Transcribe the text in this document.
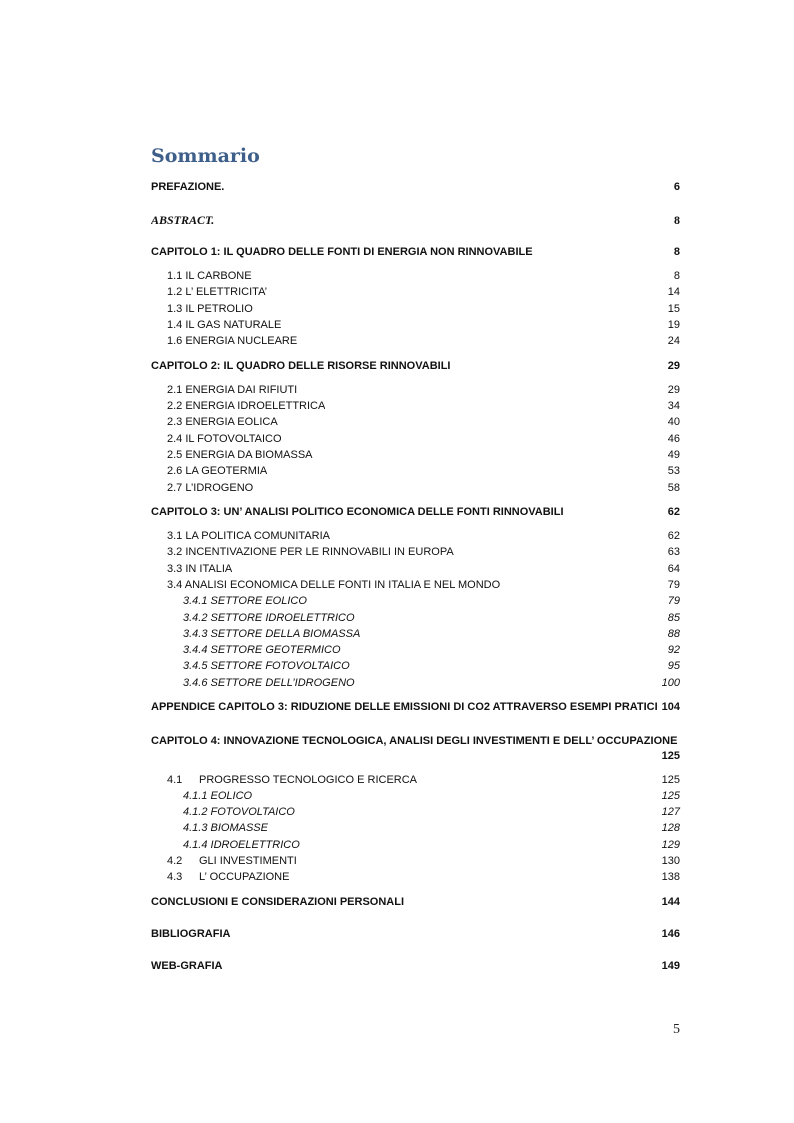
Sommario
PREFAZIONE.	6
ABSTRACT.	8
CAPITOLO 1: IL QUADRO DELLE FONTI DI ENERGIA NON RINNOVABILE	8
1.1 IL CARBONE	8
1.2 L’ ELETTRICITA’	14
1.3 IL PETROLIO	15
1.4 IL GAS NATURALE	19
1.6 ENERGIA NUCLEARE	24
CAPITOLO 2: IL QUADRO DELLE RISORSE RINNOVABILI	29
2.1 ENERGIA DAI RIFIUTI	29
2.2 ENERGIA IDROELETTRICA	34
2.3 ENERGIA EOLICA	40
2.4 IL FOTOVOLTAICO	46
2.5 ENERGIA DA BIOMASSA	49
2.6 LA GEOTERMIA	53
2.7 L’IDROGENO	58
CAPITOLO 3: UN’ ANALISI POLITICO ECONOMICA DELLE FONTI RINNOVABILI	62
3.1 LA POLITICA COMUNITARIA	62
3.2 INCENTIVAZIONE PER LE RINNOVABILI IN EUROPA	63
3.3 IN ITALIA	64
3.4 ANALISI ECONOMICA DELLE FONTI IN ITALIA E NEL MONDO	79
3.4.1 SETTORE EOLICO	79
3.4.2 SETTORE IDROELETTRICO	85
3.4.3 SETTORE DELLA BIOMASSA	88
3.4.4 SETTORE GEOTERMICO	92
3.4.5 SETTORE FOTOVOLTAICO	95
3.4.6 SETTORE DELL’IDROGENO	100
APPENDICE CAPITOLO 3: RIDUZIONE DELLE EMISSIONI DI CO2 ATTRAVERSO ESEMPI PRATICI 104
CAPITOLO 4: INNOVAZIONE TECNOLOGICA, ANALISI DEGLI INVESTIMENTI E DELL’ OCCUPAZIONE
125
4.1 PROGRESSO TECNOLOGICO E RICERCA	125
4.1.1 EOLICO	125
4.1.2 FOTOVOLTAICO	127
4.1.3 BIOMASSE	128
4.1.4 IDROELETTRICO	129
4.2 GLI INVESTIMENTI	130
4.3 L’ OCCUPAZIONE	138
CONCLUSIONI E CONSIDERAZIONI PERSONALI	144
BIBLIOGRAFIA	146
WEB-GRAFIA	149
5
